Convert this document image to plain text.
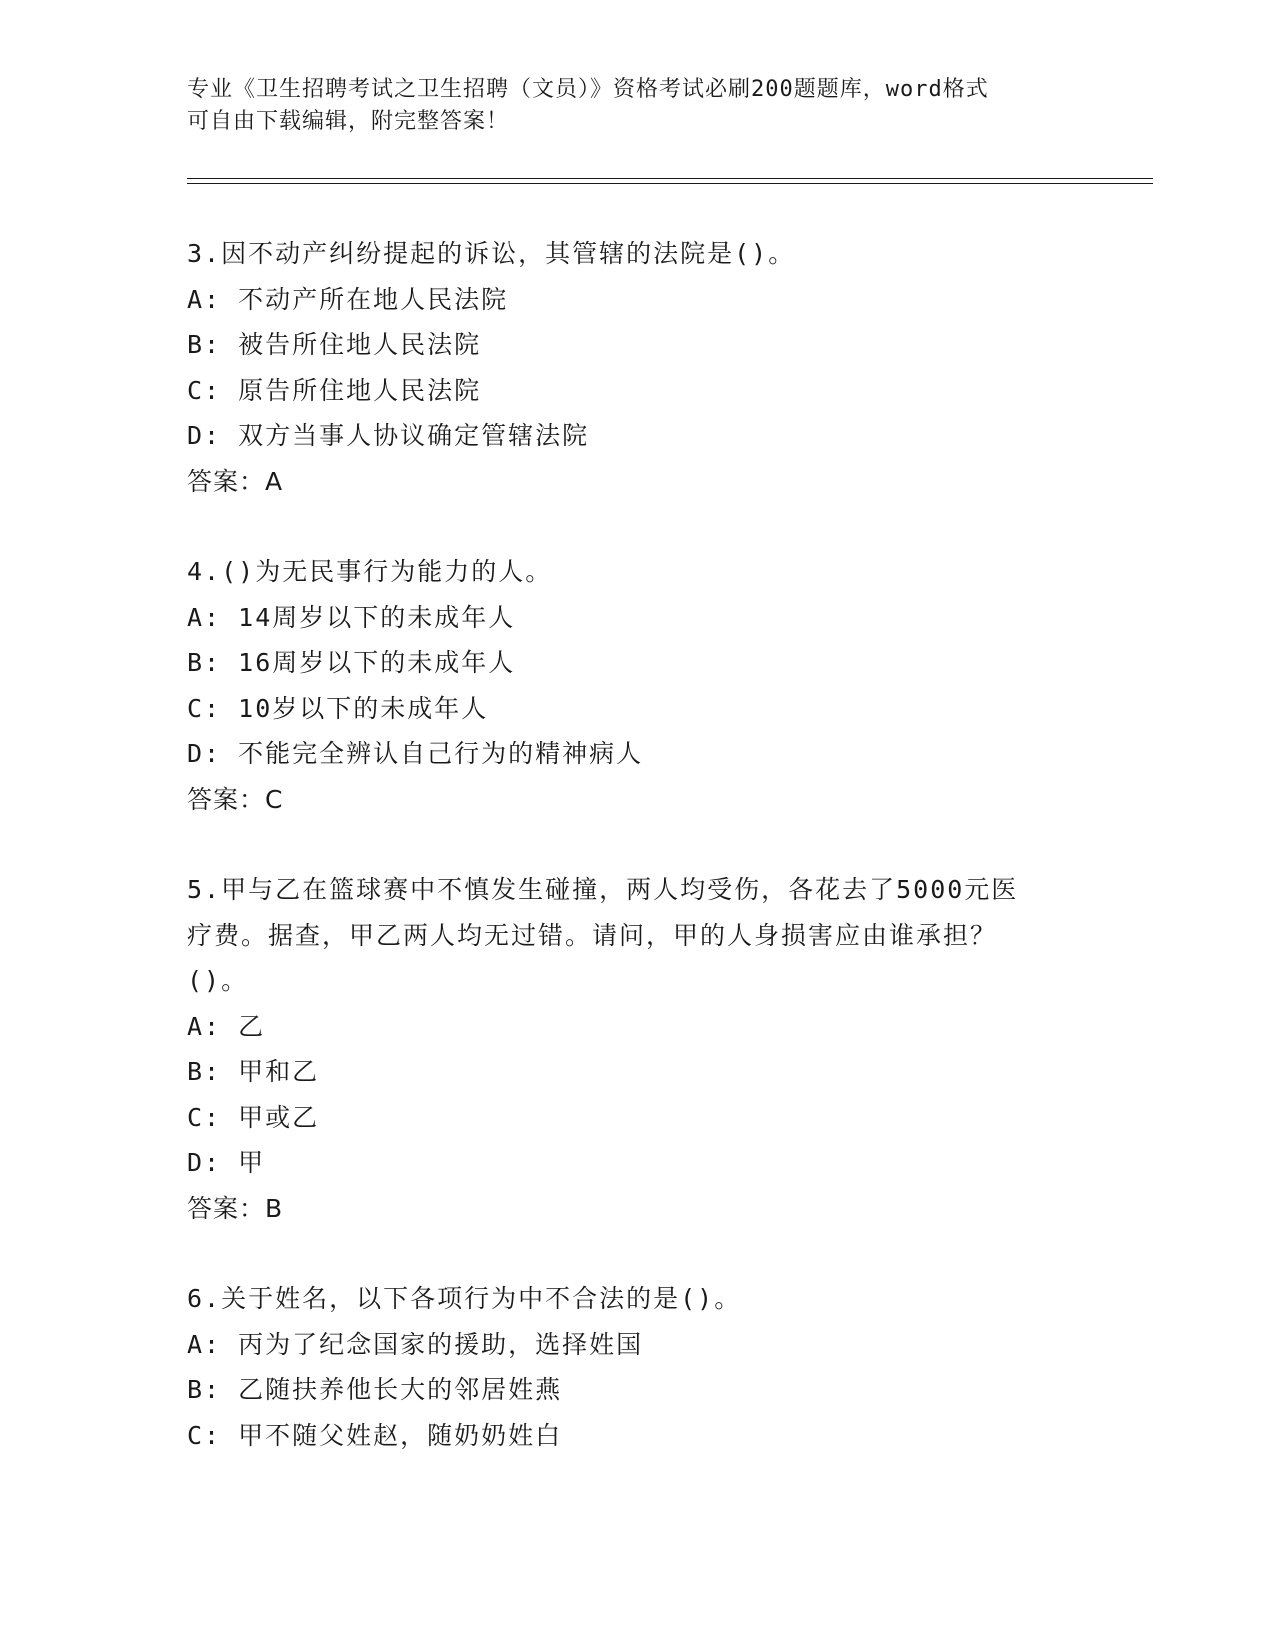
专业《卫生招聘考试之卫生招聘（文员）》资格考试必刷200题题库，word格式
可自由下载编辑，附完整答案！
3.因不动产纠纷提起的诉讼，其管辖的法院是()。
A: 不动产所在地人民法院
B: 被告所住地人民法院
C: 原告所住地人民法院
D: 双方当事人协议确定管辖法院
答案：A
4.()为无民事行为能力的人。
A: 14周岁以下的未成年人
B: 16周岁以下的未成年人
C: 10岁以下的未成年人
D: 不能完全辨认自己行为的精神病人
答案：C
5.甲与乙在篮球赛中不慎发生碰撞，两人均受伤，各花去了5000元医
疗费。据查，甲乙两人均无过错。请问，甲的人身损害应由谁承担？
()。
A: 乙
B: 甲和乙
C: 甲或乙
D: 甲
答案：B
6.关于姓名，以下各项行为中不合法的是()。
A: 丙为了纪念国家的援助，选择姓国
B: 乙随扶养他长大的邻居姓燕
C: 甲不随父姓赵，随奶奶姓白
